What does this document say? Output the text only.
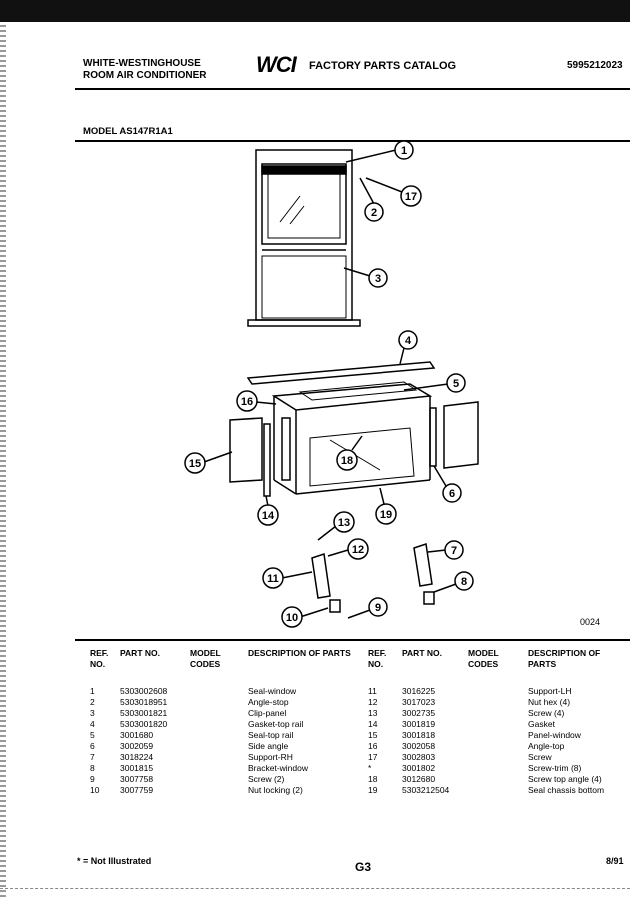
WHITE-WESTINGHOUSE
ROOM AIR CONDITIONER WCI FACTORY PARTS CATALOG	5995212023
MODEL AS147R1A1
1
2
3
4
5
6
7
8
9
10
11
12
13
14
15
16
17
18
19
0024
REF. NO.	PART NO.	MODEL CODES	DESCRIPTION OF PARTS
1	5303002608		Seal-window
2	5303018951		Angle-stop
3	5303001821		Clip-panel
4	5303001820		Gasket-top rail
5	3001680		Seal-top rail
6	3002059		Side angle
7	3018224		Support-RH
8	3001815		Bracket-window
9	3007758		Screw (2)
10	3007759		Nut locking (2)
REF. NO.	PART NO.	MODEL CODES	DESCRIPTION OF PARTS
11	3016225		Support-LH
12	3017023		Nut hex (4)
13	3002735		Screw (4)
14	3001819		Gasket
15	3001818		Panel-window
16	3002058		Angle-top
17	3002803		Screw
*	3001802		Screw-trim (8)
18	3012680		Screw top angle (4)
19	5303212504		Seal chassis bottom
* = Not Illustrated	G3	8/91
